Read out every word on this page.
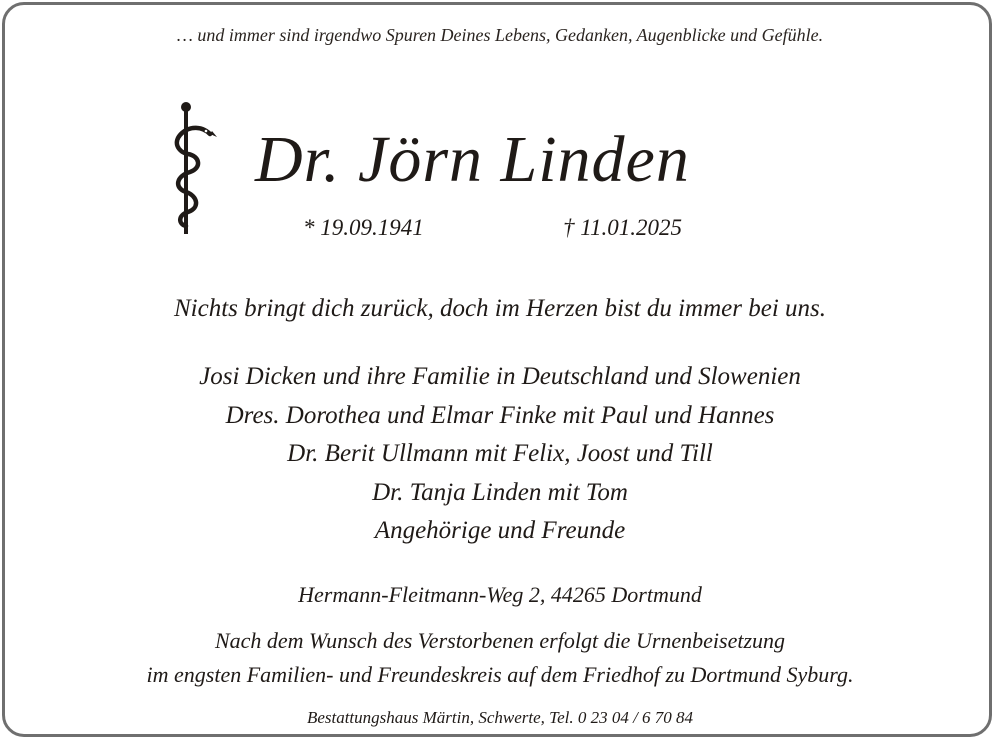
… und immer sind irgendwo Spuren Deines Lebens, Gedanken, Augenblicke und Gefühle.
Dr. Jörn Linden
* 19.09.1941	† 11.01.2025
Nichts bringt dich zurück, doch im Herzen bist du immer bei uns.
Josi Dicken und ihre Familie in Deutschland und Slowenien
Dres. Dorothea und Elmar Finke mit Paul und Hannes
Dr. Berit Ullmann mit Felix, Joost und Till
Dr. Tanja Linden mit Tom
Angehörige und Freunde
Hermann-Fleitmann-Weg 2, 44265 Dortmund
Nach dem Wunsch des Verstorbenen erfolgt die Urnenbeisetzung
im engsten Familien- und Freundeskreis auf dem Friedhof zu Dortmund Syburg.
Bestattungshaus Märtin, Schwerte, Tel. 0 23 04 / 6 70 84
